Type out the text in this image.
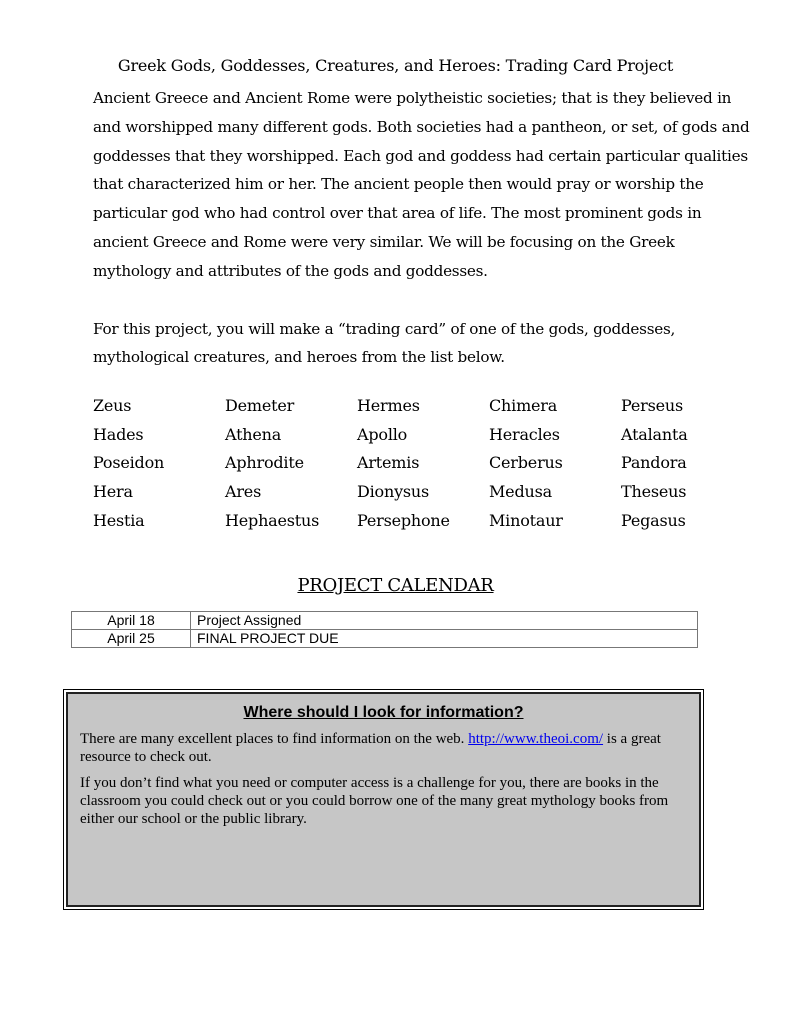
Greek Gods, Goddesses, Creatures, and Heroes: Trading Card Project

Ancient Greece and Ancient Rome were polytheistic societies; that is they believed in and worshipped many different gods. Both societies had a pantheon, or set, of gods and goddesses that they worshipped. Each god and goddess had certain particular qualities that characterized him or her. The ancient people then would pray or worship the particular god who had control over that area of life. The most prominent gods in ancient Greece and Rome were very similar. We will be focusing on the Greek mythology and attributes of the gods and goddesses.

For this project, you will make a “trading card” of one of the gods, goddesses, mythological creatures, and heroes from the list below.

Zeus	Demeter	Hermes	Chimera	Perseus
Hades	Athena	Apollo	Heracles	Atalanta
Poseidon	Aphrodite	Artemis	Cerberus	Pandora
Hera	Ares	Dionysus	Medusa	Theseus
Hestia	Hephaestus	Persephone	Minotaur	Pegasus
PROJECT CALENDAR
April 18	Project Assigned
April 25	FINAL PROJECT DUE
Where should I look for information?

There are many excellent places to find information on the web. http://www.theoi.com/ is a great resource to check out.

If you don’t find what you need or computer access is a challenge for you, there are books in the classroom you could check out or you could borrow one of the many great mythology books from either our school or the public library.
